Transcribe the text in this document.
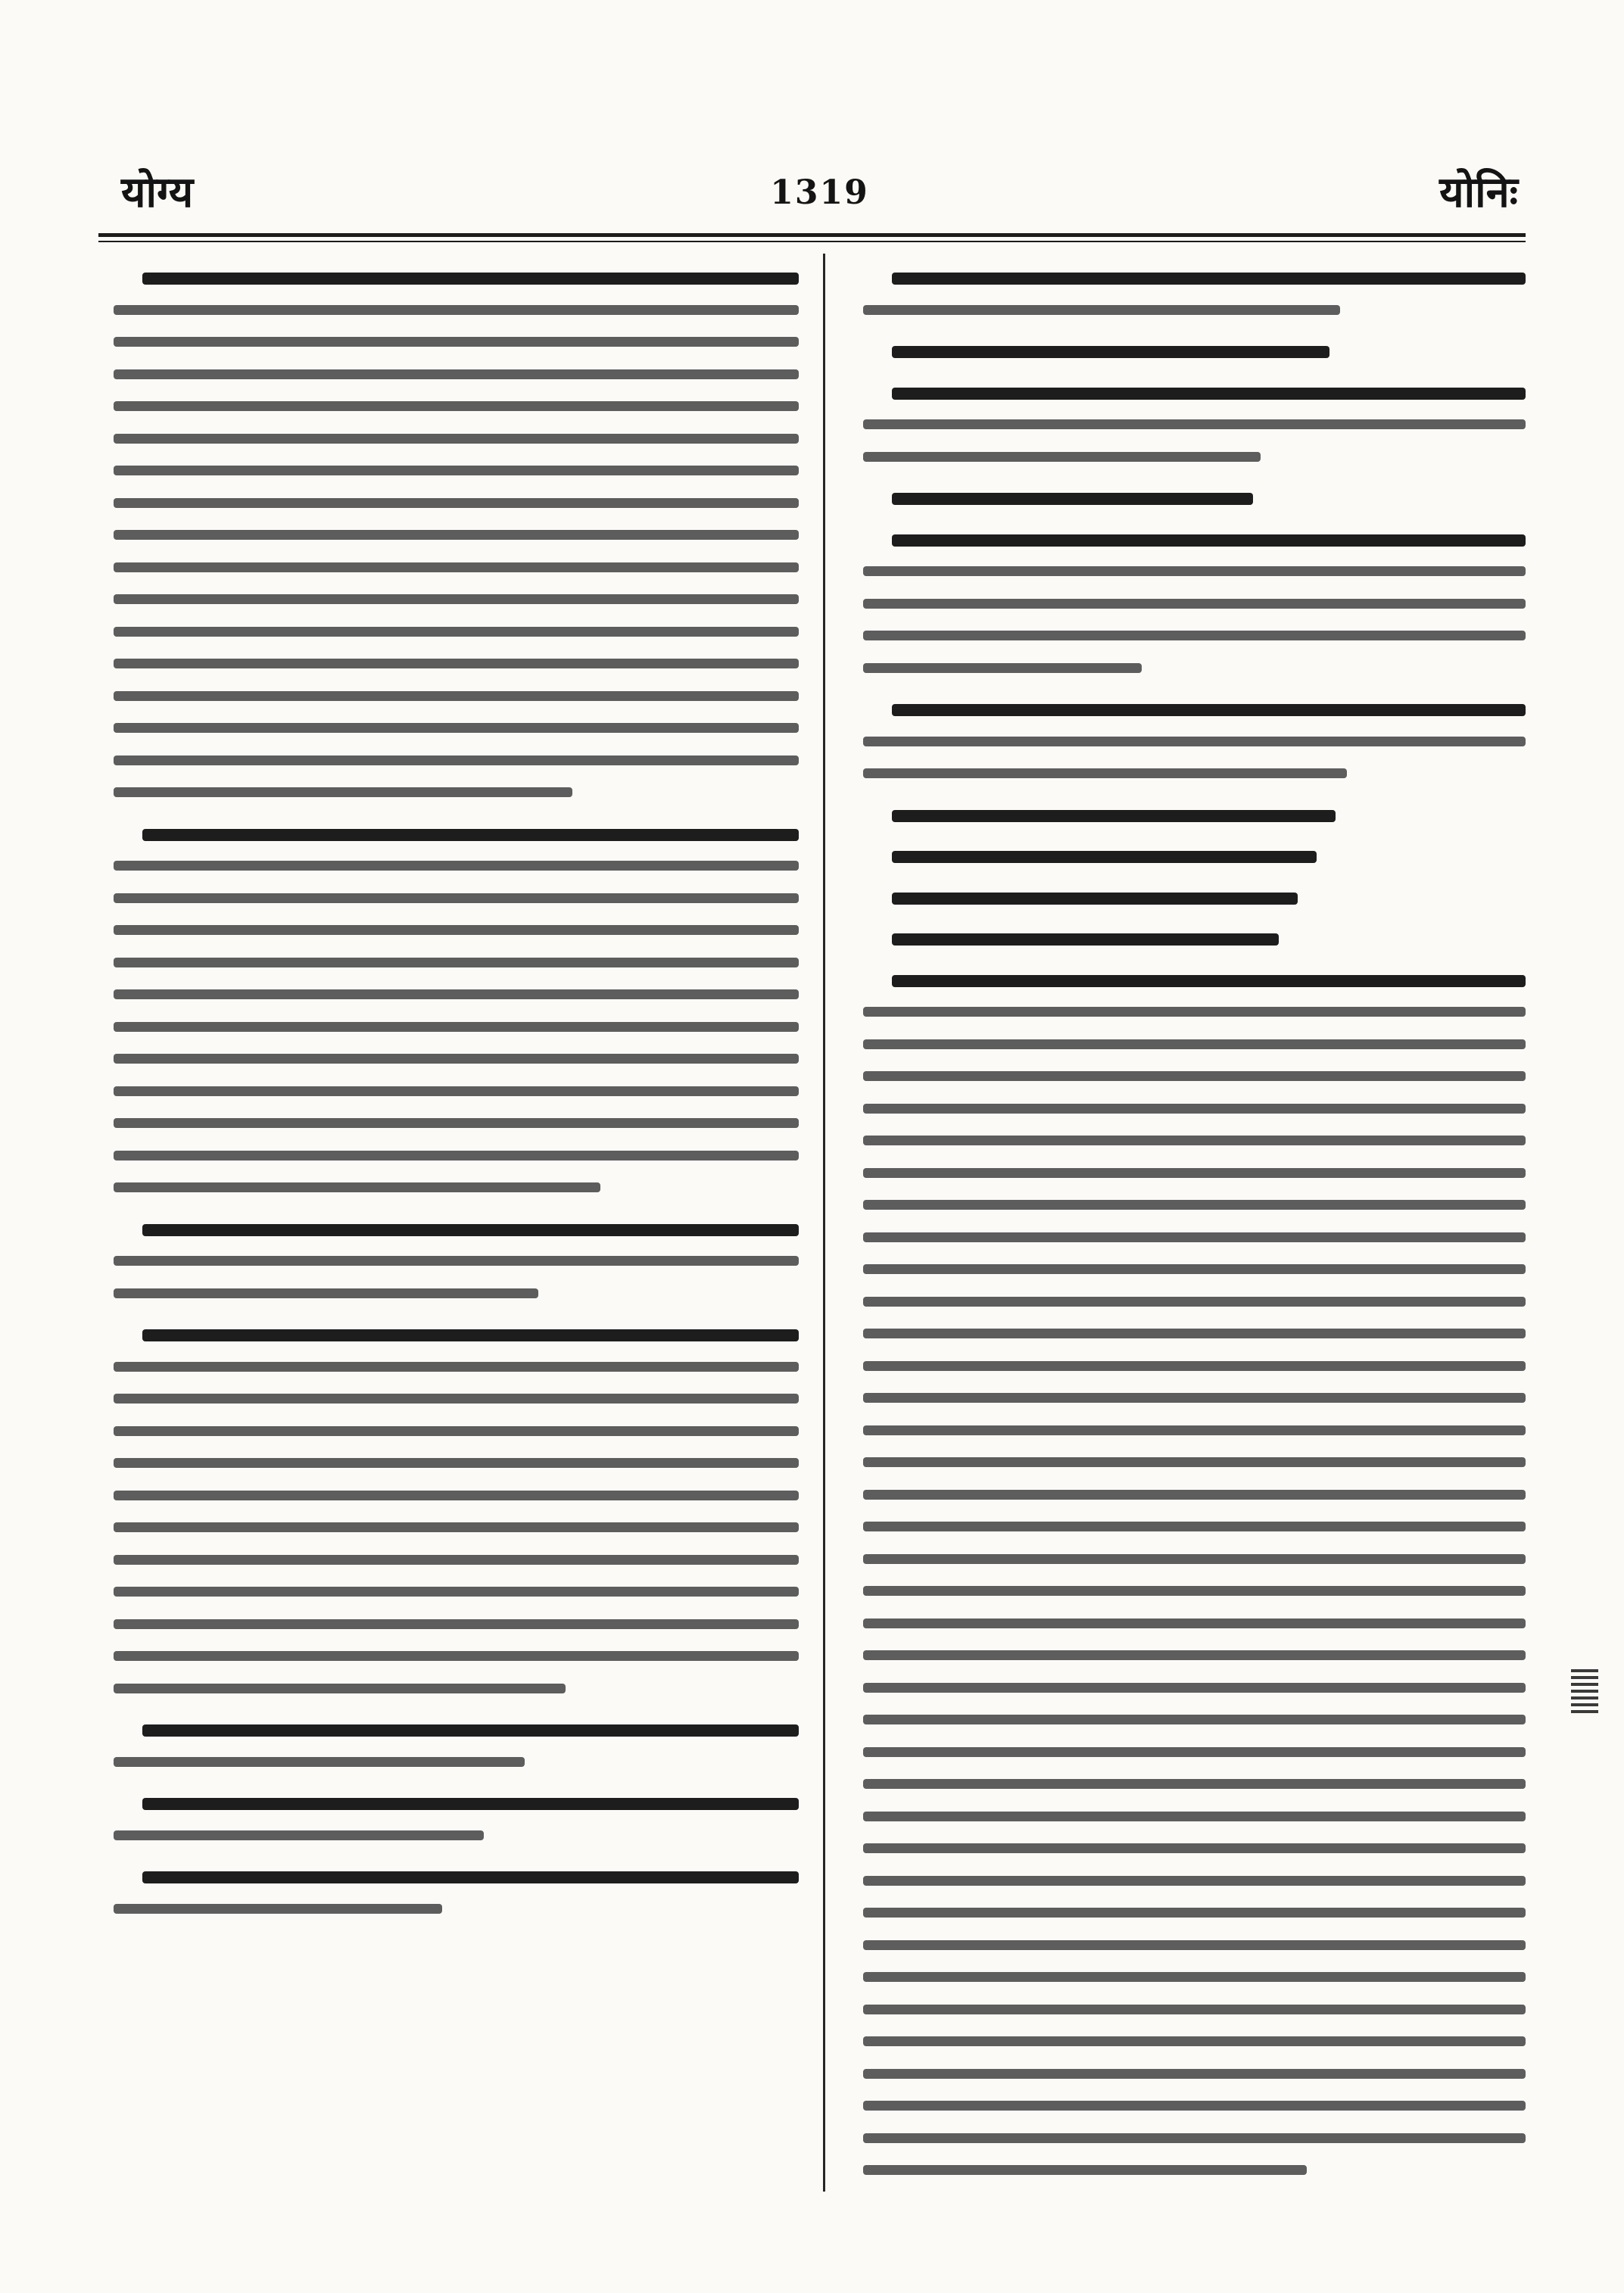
योग्य	1319	योनिः
